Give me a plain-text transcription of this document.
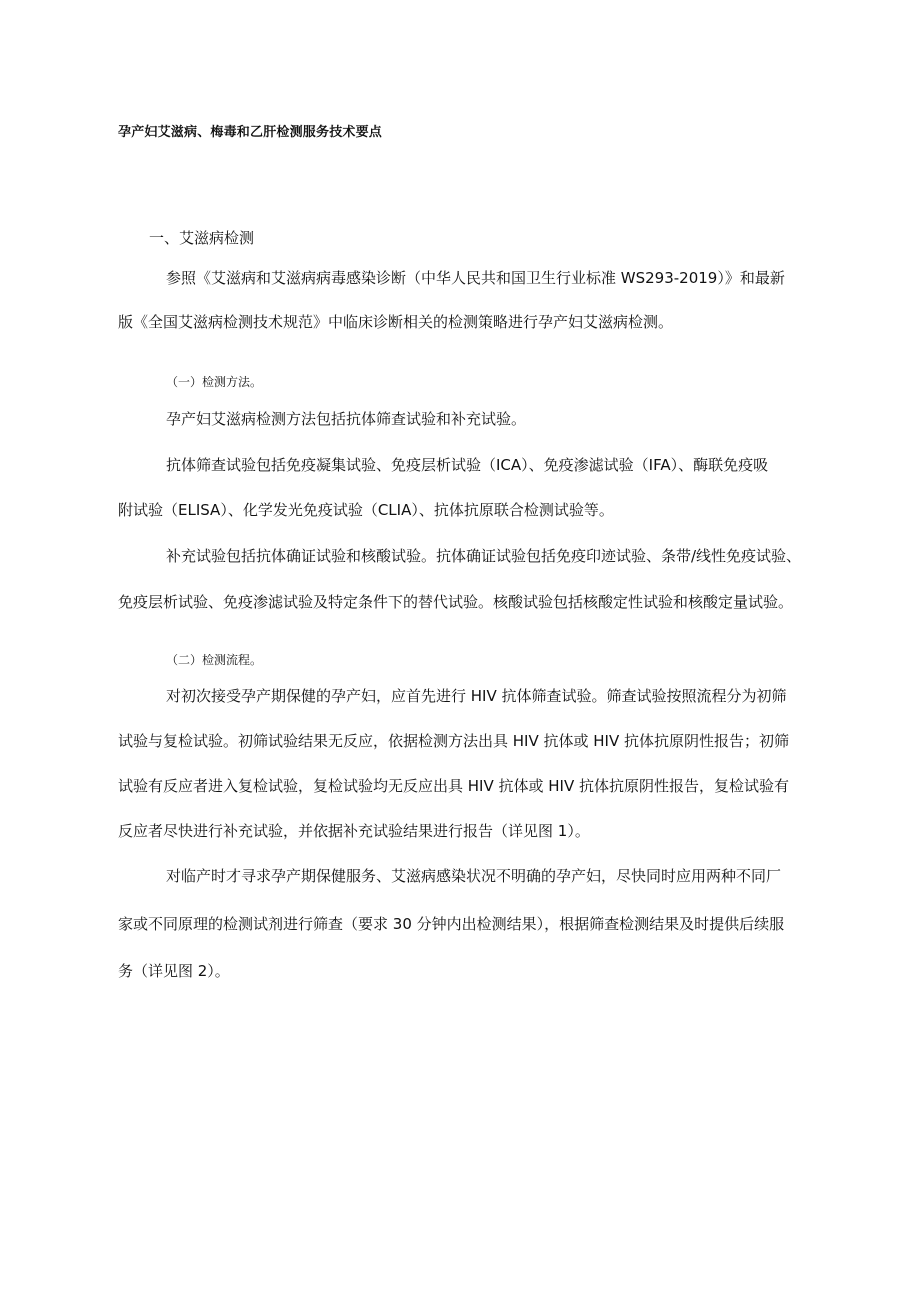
孕产妇艾滋病、梅毒和乙肝检测服务技术要点
一、艾滋病检测
参照《艾滋病和艾滋病病毒感染诊断（中华人民共和国卫生行业标准 WS293-2019）》和最新
版《全国艾滋病检测技术规范》中临床诊断相关的检测策略进行孕产妇艾滋病检测。
（一）检测方法。
孕产妇艾滋病检测方法包括抗体筛查试验和补充试验。
抗体筛查试验包括免疫凝集试验、免疫层析试验（ICA）、免疫渗滤试验（IFA）、酶联免疫吸
附试验（ELISA）、化学发光免疫试验（CLIA）、抗体抗原联合检测试验等。
补充试验包括抗体确证试验和核酸试验。抗体确证试验包括免疫印迹试验、条带/线性免疫试验、
免疫层析试验、免疫渗滤试验及特定条件下的替代试验。核酸试验包括核酸定性试验和核酸定量试验。
（二）检测流程。
对初次接受孕产期保健的孕产妇，应首先进行 HIV 抗体筛查试验。筛查试验按照流程分为初筛
试验与复检试验。初筛试验结果无反应，依据检测方法出具 HIV 抗体或 HIV 抗体抗原阴性报告；初筛
试验有反应者进入复检试验，复检试验均无反应出具 HIV 抗体或 HIV 抗体抗原阴性报告，复检试验有
反应者尽快进行补充试验，并依据补充试验结果进行报告（详见图 1）。
对临产时才寻求孕产期保健服务、艾滋病感染状况不明确的孕产妇，尽快同时应用两种不同厂
家或不同原理的检测试剂进行筛查（要求 30 分钟内出检测结果），根据筛查检测结果及时提供后续服
务（详见图 2）。
